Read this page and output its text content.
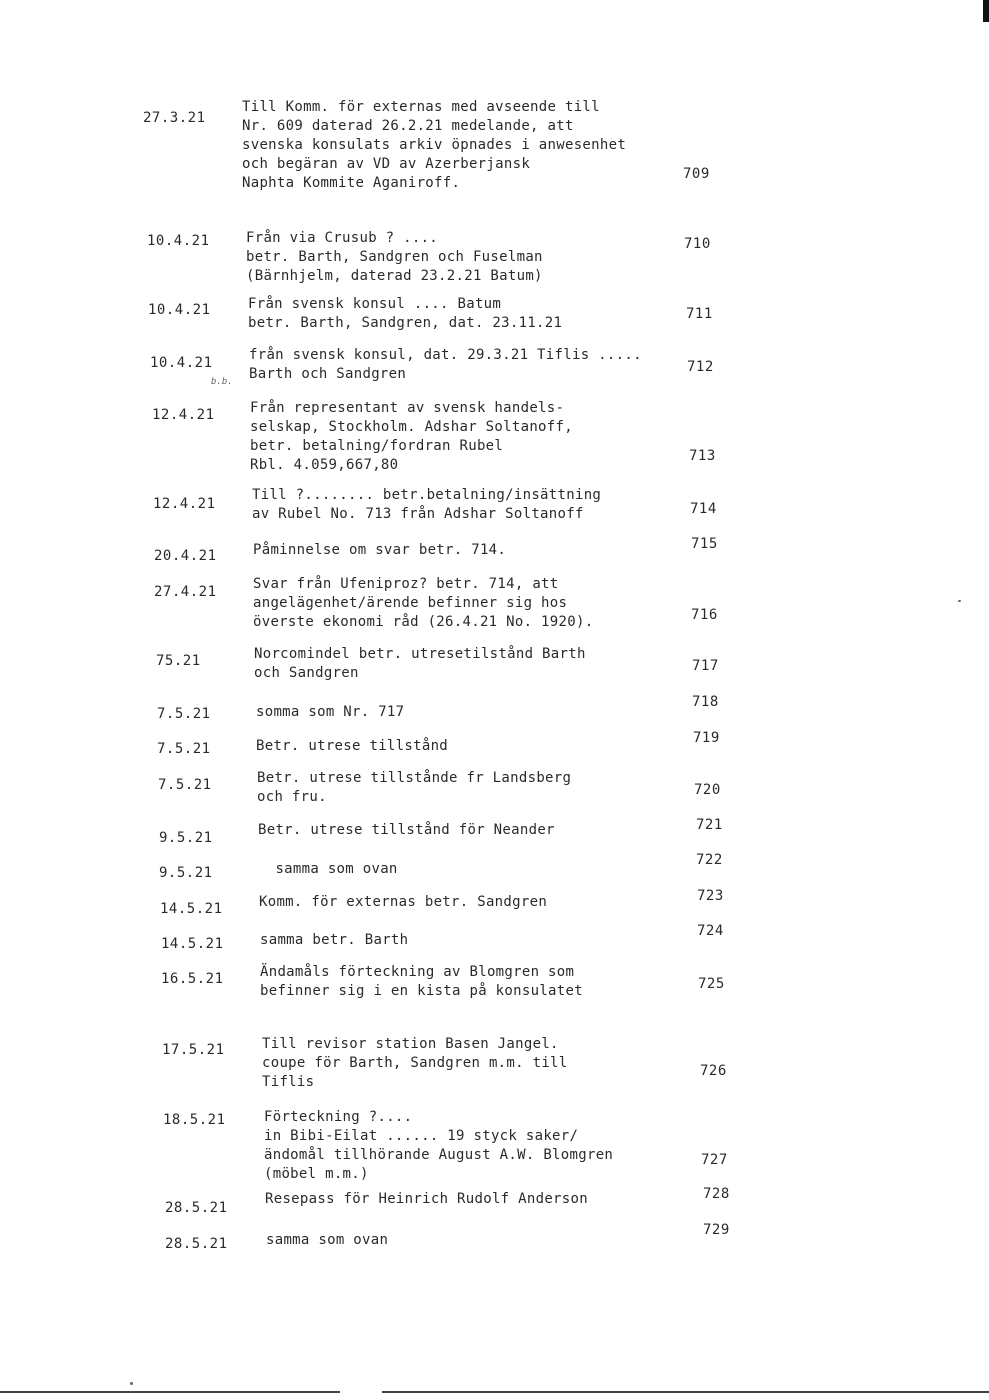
27.3.21
Till Komm. för externas med avseende till
Nr. 609 daterad 26.2.21 medelande, att
svenska konsulats arkiv öpnades i anwesenhet
och begäran av VD av Azerberjansk
Naphta Kommite Aganiroff.
709
10.4.21	Från via Crusub ? ....
betr. Barth, Sandgren och Fuselman
(Bärnhjelm, daterad 23.2.21 Batum)
710
10.4.21	Från svensk konsul .... Batum
betr. Barth, Sandgren, dat. 23.11.21
711
10.4.21	från svensk konsul, dat. 29.3.21 Tiflis .....
Barth och Sandgren	712
12.4.21	Från representant av svensk handels-
selskap, Stockholm. Adshar Soltanoff,
betr. betalning/fordran Rubel
Rbl. 4.059,667,80
713
12.4.21
Till ?........ betr.betalning/insättning
av Rubel No. 713 från Adshar Soltanoff	714
20.4.21	Påminnelse om svar betr. 714.	715
27.4.21	Svar från Ufeniproz? betr. 714, att
angelägenhet/ärende befinner sig hos
överste ekonomi råd (26.4.21 No. 1920).	716
75.21	Norcomindel betr. utresetilstånd Barth
och Sandgren	717
7.5.21	somma som Nr. 717
718
7.5.21	Betr. utrese tillstånd	719
7.5.21	Betr. utrese tillstånde fr Landsberg
och fru.	720
9.5.21	Betr. utrese tillstånd för Neander	721
9.5.21	samma som ovan
722
14.5.21	Komm. för externas betr. Sandgren	723
14.5.21	samma betr. Barth
724
16.5.21	Ändamåls förteckning av Blomgren som
befinner sig i en kista på konsulatet	725
17.5.21	Till revisor station Basen Jangel.
coupe för Barth, Sandgren m.m. till
Tiflis
726
18.5.21	Förteckning ?....
in Bibi-Eilat ...... 19 styck saker/
ändomål tillhörande August A.W. Blomgren
(möbel m.m.)
727
28.5.21
Resepass för Heinrich Rudolf Anderson	728
28.5.21	samma som ovan
729
b.b.
